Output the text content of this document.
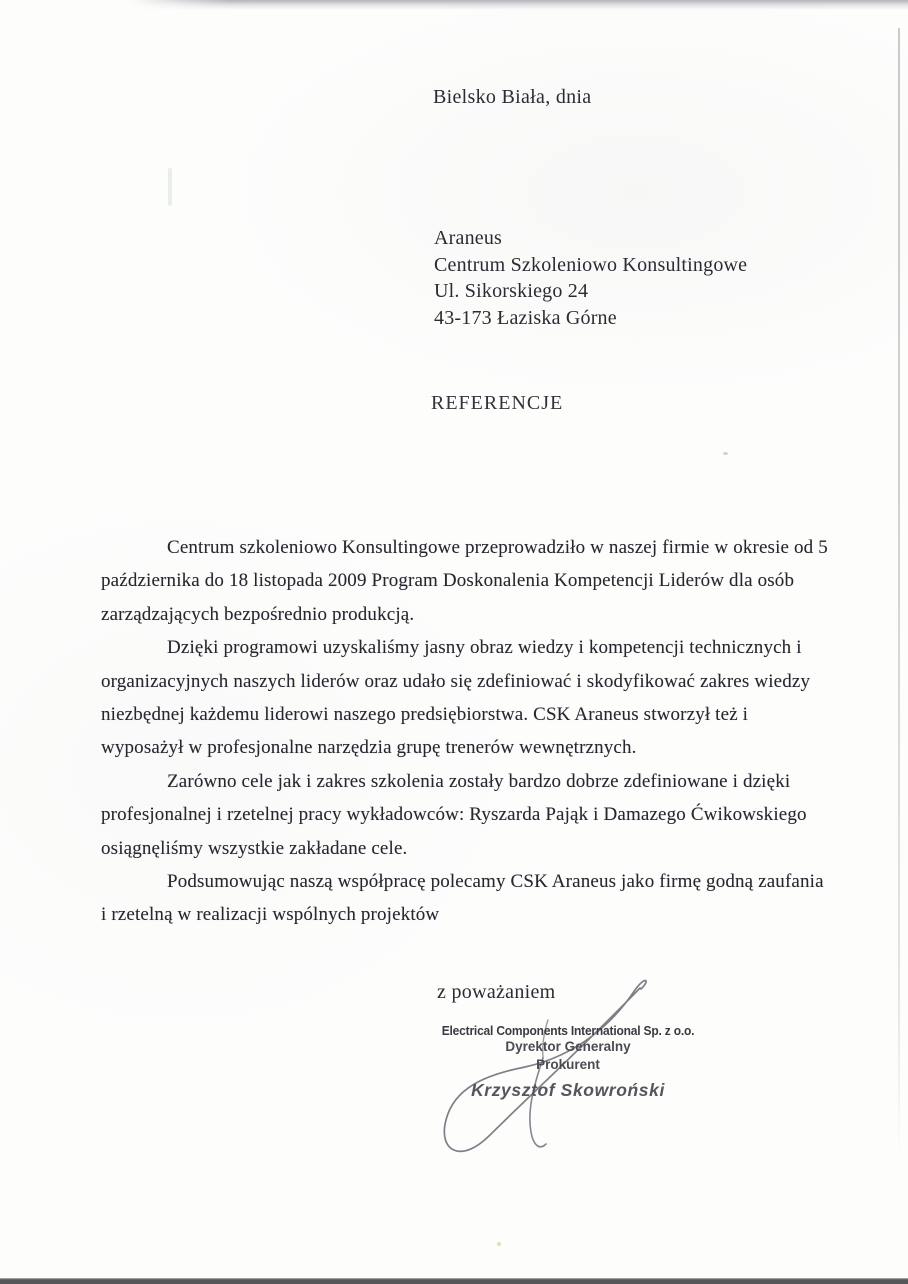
Bielsko Biała, dnia
Araneus
Centrum Szkoleniowo Konsultingowe
Ul. Sikorskiego 24
43-173 Łaziska Górne
REFERENCJE

Centrum szkoleniowo Konsultingowe przeprowadziło w naszej firmie w okresie od 5 października do 18 listopada 2009 Program Doskonalenia Kompetencji Liderów dla osób zarządzających bezpośrednio produkcją.

Dzięki programowi uzyskaliśmy jasny obraz wiedzy i kompetencji technicznych i organizacyjnych naszych liderów oraz udało się zdefiniować i skodyfikować zakres wiedzy niezbędnej każdemu liderowi naszego predsiębiorstwa. CSK Araneus stworzył też i wyposażył w profesjonalne narzędzia grupę trenerów wewnętrznych.

Zarówno cele jak i zakres szkolenia zostały bardzo dobrze zdefiniowane i dzięki profesjonalnej i rzetelnej pracy wykładowców: Ryszarda Pająk i Damazego Ćwikowskiego osiągnęliśmy wszystkie zakładane cele.

Podsumowując naszą współpracę polecamy CSK Araneus jako firmę godną zaufania i rzetelną w realizacji wspólnych projektów

z poważaniem
Electrical Components International Sp. z o.o.
Dyrektor Generalny
Prokurent
Krzysztof Skowroński
